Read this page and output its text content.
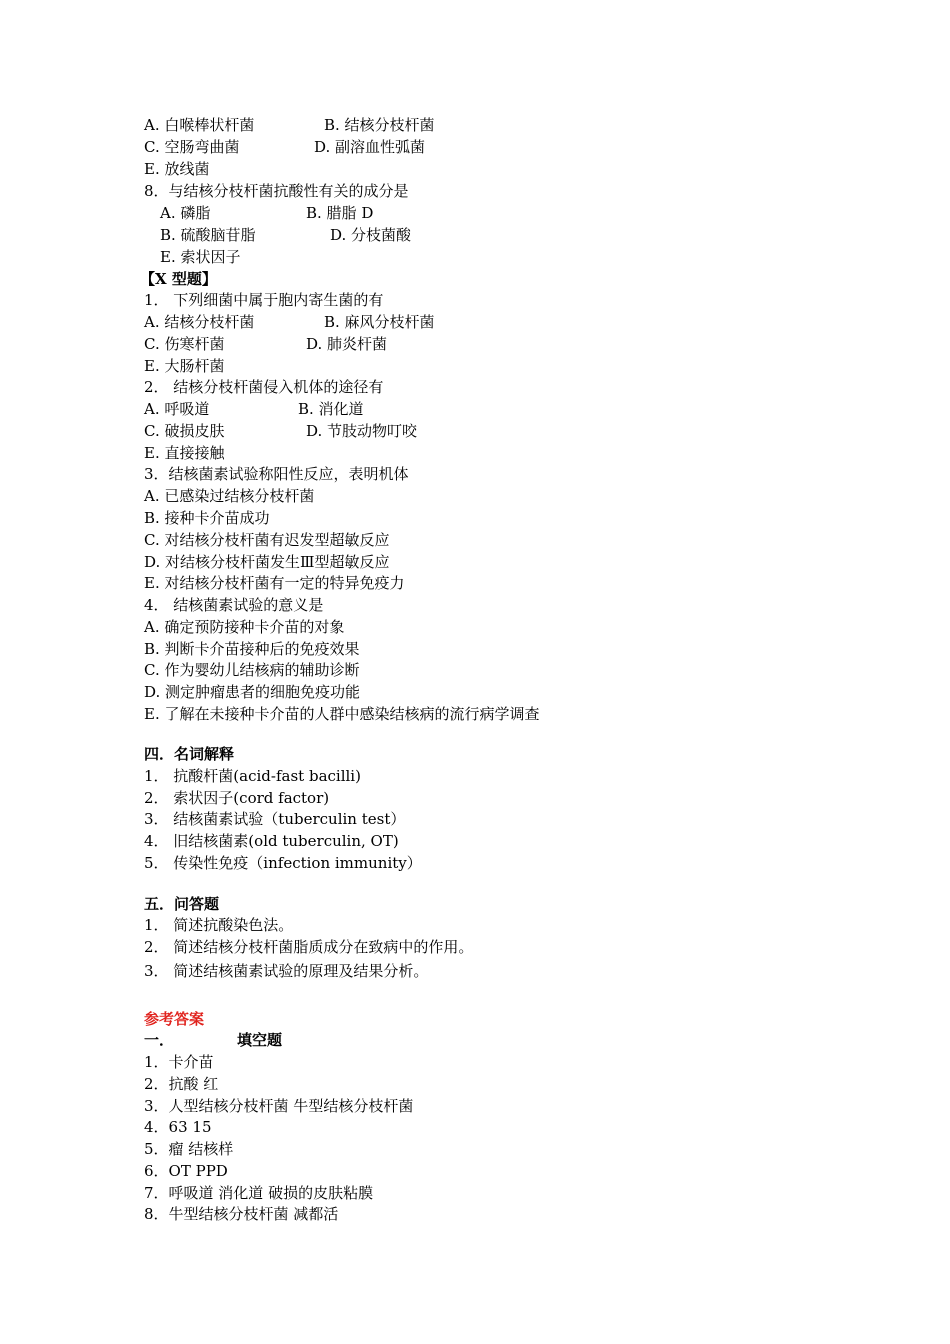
A. 白喉棒状杆菌	B. 结核分枝杆菌
C. 空肠弯曲菌	D. 副溶血性弧菌
E. 放线菌
8．与结核分枝杆菌抗酸性有关的成分是
A. 磷脂	B. 腊脂 D
B. 硫酸脑苷脂	D. 分枝菌酸
E. 索状因子
【X 型题】
1． 下列细菌中属于胞内寄生菌的有
A. 结核分枝杆菌	B. 麻风分枝杆菌
C. 伤寒杆菌	D. 肺炎杆菌
E. 大肠杆菌
2． 结核分枝杆菌侵入机体的途径有
A. 呼吸道	B. 消化道
C. 破损皮肤	D. 节肢动物叮咬
E. 直接接触
3．结核菌素试验称阳性反应，表明机体
A. 已感染过结核分枝杆菌
B. 接种卡介苗成功
C. 对结核分枝杆菌有迟发型超敏反应
D. 对结核分枝杆菌发生Ⅲ型超敏反应
E. 对结核分枝杆菌有一定的特异免疫力
4． 结核菌素试验的意义是
A. 确定预防接种卡介苗的对象
B. 判断卡介苗接种后的免疫效果
C. 作为婴幼儿结核病的辅助诊断
D. 测定肿瘤患者的细胞免疫功能
E. 了解在未接种卡介苗的人群中感染结核病的流行病学调查
四．名词解释
1． 抗酸杆菌(acid-fast bacilli)
2． 索状因子(cord factor)
3． 结核菌素试验（tuberculin test）
4． 旧结核菌素(old tuberculin, OT)
5． 传染性免疫（infection immunity）
五．问答题
1． 简述抗酸染色法。
2． 简述结核分枝杆菌脂质成分在致病中的作用。
3． 简述结核菌素试验的原理及结果分析。
参考答案
一．	填空题
1．卡介苗
2．抗酸 红
3．人型结核分枝杆菌 牛型结核分枝杆菌
4．63 15
5．瘤 结核样
6．OT PPD
7．呼吸道 消化道 破损的皮肤粘膜
8．牛型结核分枝杆菌 减都活
